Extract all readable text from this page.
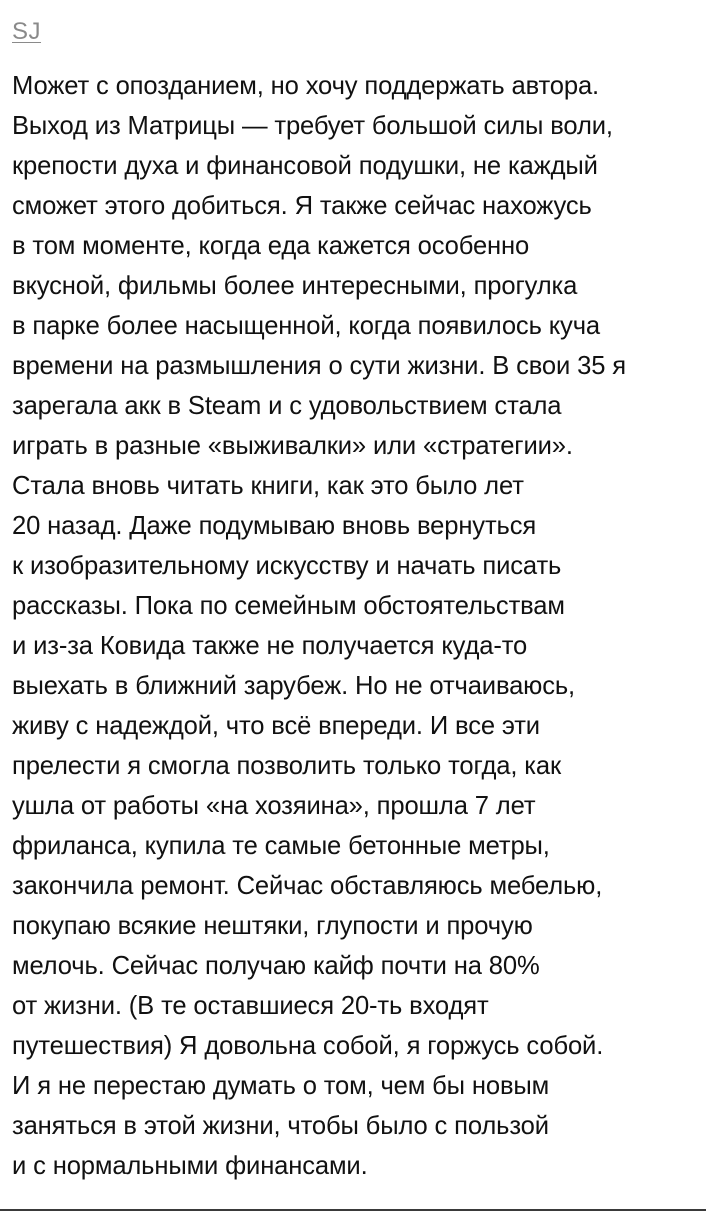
SJ
Может с опозданием, но хочу поддержать автора.
Выход из Матрицы — требует большой силы воли,
крепости духа и финансовой подушки, не каждый
сможет этого добиться. Я также сейчас нахожусь
в том моменте, когда еда кажется особенно
вкусной, фильмы более интересными, прогулка
в парке более насыщенной, когда появилось куча
времени на размышления о сути жизни. В свои 35 я
зарегала акк в Steam и с удовольствием стала
играть в разные «выживалки» или «стратегии».
Стала вновь читать книги, как это было лет
20 назад. Даже подумываю вновь вернуться
к изобразительному искусству и начать писать
рассказы. Пока по семейным обстоятельствам
и из-за Ковида также не получается куда-то
выехать в ближний зарубеж. Но не отчаиваюсь,
живу с надеждой, что всё впереди. И все эти
прелести я смогла позволить только тогда, как
ушла от работы «на хозяина», прошла 7 лет
фриланса, купила те самые бетонные метры,
закончила ремонт. Сейчас обставляюсь мебелью,
покупаю всякие нештяки, глупости и прочую
мелочь. Сейчас получаю кайф почти на 80%
от жизни. (В те оставшиеся 20-ть входят
путешествия) Я довольна собой, я горжусь собой.
И я не перестаю думать о том, чем бы новым
заняться в этой жизни, чтобы было с пользой
и с нормальными финансами.
